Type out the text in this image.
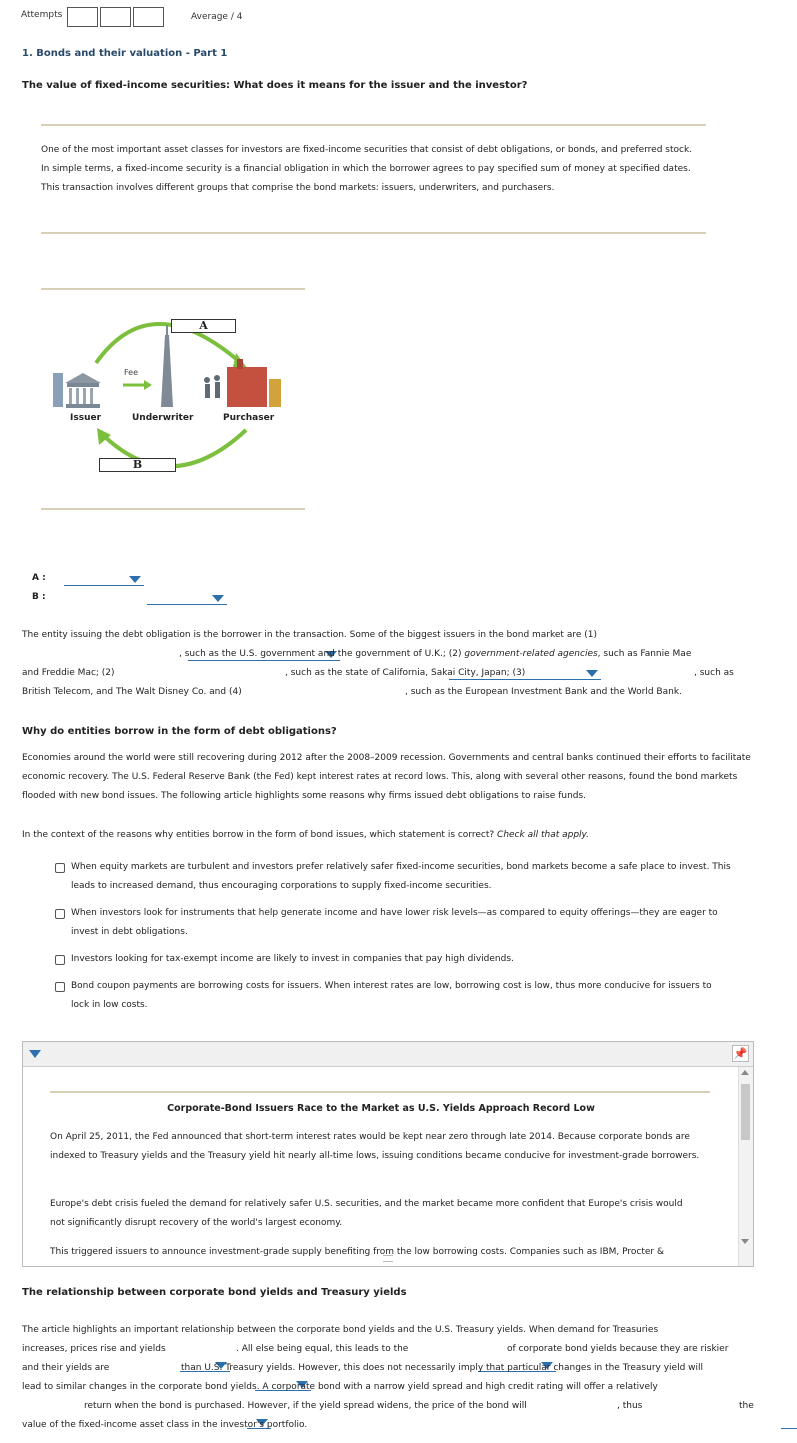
Attempts	Average / 4
1. Bonds and their valuation - Part 1
The value of fixed-income securities: What does it means for the issuer and the investor?
One of the most important asset classes for investors are fixed-income securities that consist of debt obligations, or bonds, and preferred stock. In simple terms, a fixed-income security is a financial obligation in which the borrower agrees to pay specified sum of money at specified dates. This transaction involves different groups that comprise the bond markets: issuers, underwriters, and purchasers.
A
B
Fee
Issuer	Underwriter	Purchaser
A :

B :

The entity issuing the debt obligation is the borrower in the transaction. Some of the biggest issuers in the bond market are (1)

, such as the U.S. government and the government of U.K.; (2) government-related agencies, such as Fannie Mae
and Freddie Mac; (2)
	, such as the state of California, Sakai City, Japan; (3)
	, such as
British Telecom, and The Walt Disney Co. and (4)
	, such as the European Investment Bank and the World Bank.
Why do entities borrow in the form of debt obligations?
Economies around the world were still recovering during 2012 after the 2008–2009 recession. Governments and central banks continued their efforts to facilitate economic recovery. The U.S. Federal Reserve Bank (the Fed) kept interest rates at record lows. This, along with several other reasons, found the bond markets flooded with new bond issues. The following article highlights some reasons why firms issued debt obligations to raise funds.
In the context of the reasons why entities borrow in the form of bond issues, which statement is correct? Check all that apply.
When equity markets are turbulent and investors prefer relatively safer fixed-income securities, bond markets become a safe place to invest. This leads to increased demand, thus encouraging corporations to supply fixed-income securities.
When investors look for instruments that help generate income and have lower risk levels—as compared to equity offerings—they are eager to invest in debt obligations.
Investors looking for tax-exempt income are likely to invest in companies that pay high dividends.
Bond coupon payments are borrowing costs for issuers. When interest rates are low, borrowing cost is low, thus more conducive for issuers to lock in low costs.
📌
Corporate-Bond Issuers Race to the Market as U.S. Yields Approach Record Low
On April 25, 2011, the Fed announced that short-term interest rates would be kept near zero through late 2014. Because corporate bonds are indexed to Treasury yields and the Treasury yield hit nearly all-time lows, issuing conditions became conducive for investment-grade borrowers.
Europe's debt crisis fueled the demand for relatively safer U.S. securities, and the market became more confident that Europe's crisis would not significantly disrupt recovery of the world's largest economy.
This triggered issuers to announce investment-grade supply benefiting from the low borrowing costs. Companies such as IBM, Procter &
The relationship between corporate bond yields and Treasury yields
The article highlights an important relationship between the corporate bond yields and the U.S. Treasury yields. When demand for Treasuries
increases, prices rise and yields
	. All else being equal, this leads to the
	of corporate bond yields because they are riskier
and their yields are
	than U.S. Treasury yields. However, this does not necessarily imply that particular changes in the Treasury yield will
lead to similar changes in the corporate bond yields. A corporate bond with a narrow yield spread and high credit rating will offer a relatively

return when the bond is purchased. However, if the yield spread widens, the price of the bond will
	, thus	the
value of the fixed-income asset class in the investor's portfolio.
